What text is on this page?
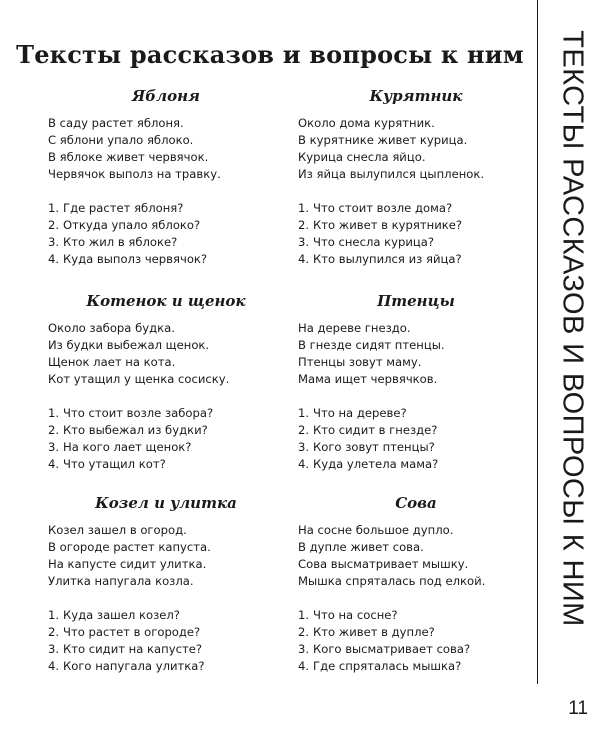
Тексты рассказов и вопросы к ним	ТЕКСТЫ РАССКАЗОВ И ВОПРОСЫ К НИМ
11
Яблоня
В саду растет яблоня.
С яблони упало яблоко.
В яблоке живет червячок.
Червячок выполз на травку.
1. Где растет яблоня?
2. Откуда упало яблоко?
3. Кто жил в яблоке?
4. Куда выполз червячок?
Курятник
Около дома курятник.
В курятнике живет курица.
Курица снесла яйцо.
Из яйца вылупился цыпленок.
1. Что стоит возле дома?
2. Кто живет в курятнике?
3. Что снесла курица?
4. Кто вылупился из яйца?
Котенок и щенок
Около забора будка.
Из будки выбежал щенок.
Щенок лает на кота.
Кот утащил у щенка сосиску.
1. Что стоит возле забора?
2. Кто выбежал из будки?
3. На кого лает щенок?
4. Что утащил кот?
Птенцы
На дереве гнездо.
В гнезде сидят птенцы.
Птенцы зовут маму.
Мама ищет червячков.
1. Что на дереве?
2. Кто сидит в гнезде?
3. Кого зовут птенцы?
4. Куда улетела мама?
Козел и улитка
Козел зашел в огород.
В огороде растет капуста.
На капусте сидит улитка.
Улитка напугала козла.
1. Куда зашел козел?
2. Что растет в огороде?
3. Кто сидит на капусте?
4. Кого напугала улитка?
Сова
На сосне большое дупло.
В дупле живет сова.
Сова высматривает мышку.
Мышка спряталась под елкой.
1. Что на сосне?
2. Кто живет в дупле?
3. Кого высматривает сова?
4. Где спряталась мышка?
